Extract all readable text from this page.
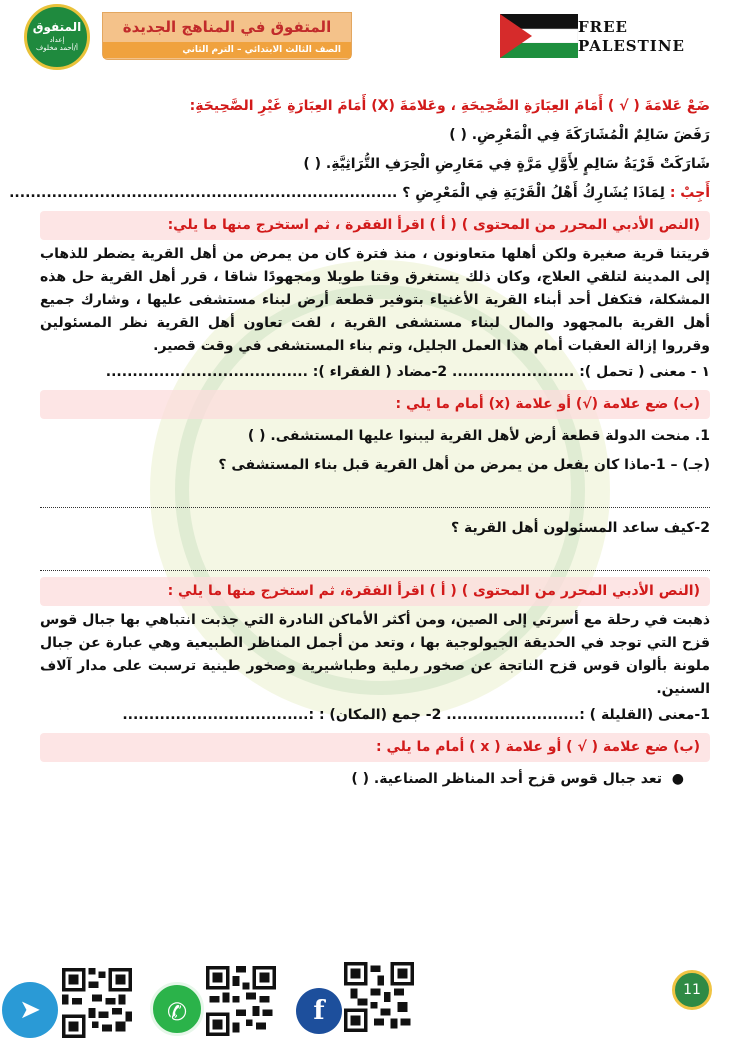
المتفوق
إعداد
أ/أحمد مخلوف
المتفوق في المناهج الجديدة
الصف الثالث الابتدائي – الترم الثاني
FREE
PALESTINE
ضَعْ عَلامَةَ ( √ ) أَمَامَ العِبَارَةِ الصَّحِيحَةِ ، وعَلامَةَ (X) أَمَامَ العِبَارَةِ غَيْرِ الصَّحِيحَةِ:
رَفَضَ سَالِمٌ الْمُشَارَكَةَ فِي الْمَعْرِضِ. ( )
شَارَكَتْ قَرْيَةُ سَالِمٍ لِأَوَّلِ مَرَّةٍ فِي مَعَارِضِ الْحِرَفِ التُّرَاثِيَّةِ. ( )
أَجِبْ : لِمَاذَا يُشَارِكُ أَهْلُ الْقَرْيَةِ فِي الْمَعْرِضِ ؟ .........................................................................
(النص الأدبي المحرر من المحتوى ) ( أ ) اقرأ الفقرة ، ثم استخرج منها ما يلي:
قريتنا قرية صغيرة ولكن أهلها متعاونون ، منذ فترة كان من يمرض من أهل القرية يضطر للذهاب إلى المدينة لتلقي العلاج، وكان ذلك يستغرق وقتا طويلا ومجهودًا شاقا ، قرر أهل القرية حل هذه المشكلة، فتكفل أحد أبناء القرية الأغنياء بتوفير قطعة أرض لبناء مستشفى عليها ، وشارك جميع أهل القرية بالمجهود والمال لبناء مستشفى القرية ، لفت تعاون أهل القرية نظر المسئولين وقرروا إزالة العقبات أمام هذا العمل الجليل، وتم بناء المستشفى في وقت قصير.
١ - معنى ( تحمل ): ....................... 2-مضاد ( الفقراء ): ......................................
(ب) ضع علامة (√) أو علامة (x) أمام ما يلي :
1. منحت الدولة قطعة أرض لأهل القرية ليبنوا عليها المستشفى. ( )
(جـ) – 1-ماذا كان يفعل من يمرض من أهل القرية قبل بناء المستشفى ؟
2-كيف ساعد المسئولون أهل القرية ؟
(النص الأدبي المحرر من المحتوى ) ( أ ) اقرأ الفقرة، ثم استخرج منها ما يلي :
ذهبت في رحلة مع أسرتي إلى الصين، ومن أكثر الأماكن النادرة التي جذبت انتباهي بها جبال قوس قزح التي توجد في الحديقة الجيولوجية بها ، وتعد من أجمل المناظر الطبيعية وهي عبارة عن جبال ملونة بألوان قوس قزح الناتجة عن صخور رملية وطباشيرية وصخور طينية ترسبت على مدار آلاف السنين.
1-معنى (القليلة ) :......................... 2- جمع (المكان) : :...................................
(ب) ضع علامة ( √ ) أو علامة ( x ) أمام ما يلي :
●  تعد جبال قوس قزح أحد المناظر الصناعية. ( )
➤	✆	f
11
